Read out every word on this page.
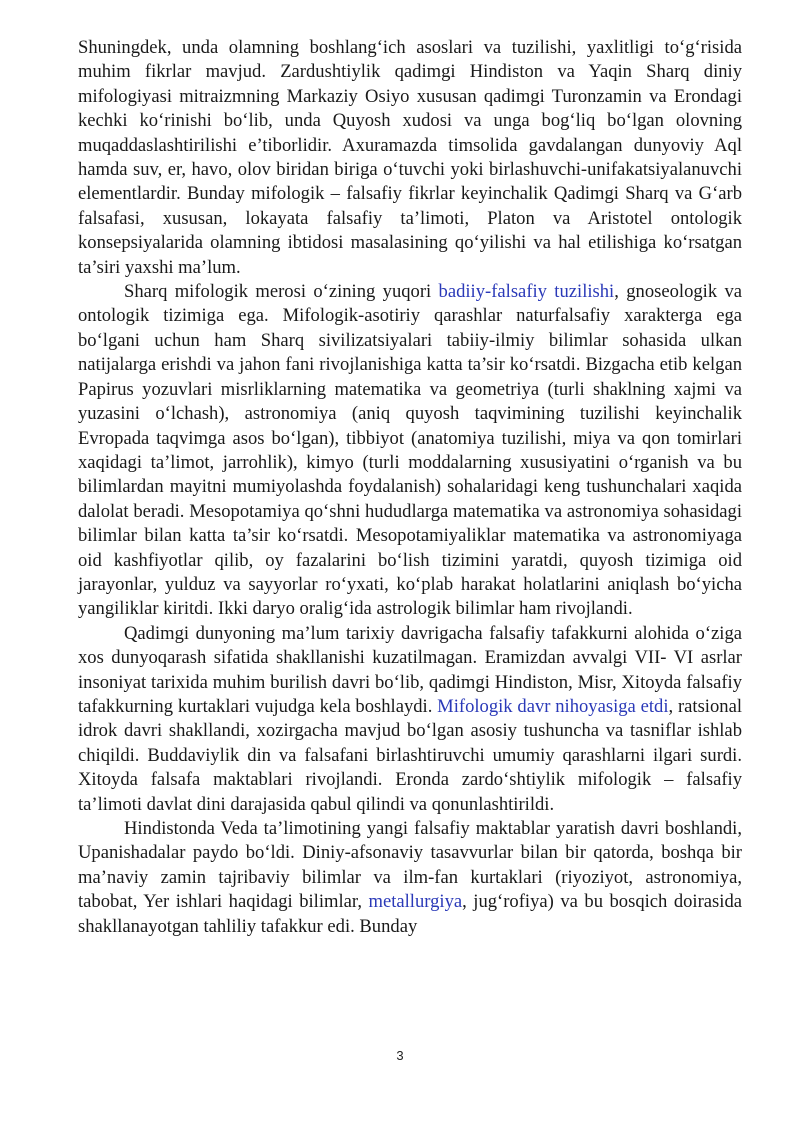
Shuningdek, unda olamning boshlang‘ich asoslari va tuzilishi, yaxlitligi to‘g‘risida muhim fikrlar mavjud. Zardushtiylik qadimgi Hindiston va Yaqin Sharq diniy mifologiyasi mitraizmning Markaziy Osiyo xususan qadimgi Turonzamin va Erondagi kechki ko‘rinishi bo‘lib, unda Quyosh xudosi va unga bog‘liq bo‘lgan olovning muqaddaslashtirilishi e’tiborlidir. Axuramazda timsolida gavdalangan dunyoviy Aql hamda suv, er, havo, olov biridan biriga o‘tuvchi yoki birlashuvchi-unifakatsiyalanuvchi elementlardir. Bunday mifologik – falsafiy fikrlar keyinchalik Qadimgi Sharq va G‘arb falsafasi, xususan, lokayata falsafiy ta’limoti, Platon va Aristotel ontologik konsepsiyalarida olamning ibtidosi masalasining qo‘yilishi va hal etilishiga ko‘rsatgan ta’siri yaxshi ma’lum.

Sharq mifologik merosi o‘zining yuqori badiiy-falsafiy tuzilishi, gnoseologik va ontologik tizimiga ega. Mifologik-asotiriy qarashlar naturfalsafiy xarakterga ega bo‘lgani uchun ham Sharq sivilizatsiyalari tabiiy-ilmiy bilimlar sohasida ulkan natijalarga erishdi va jahon fani rivojlanishiga katta ta’sir ko‘rsatdi. Bizgacha etib kelgan Papirus yozuvlari misrliklarning matematika va geometriya (turli shaklning xajmi va yuzasini o‘lchash), astronomiya (aniq quyosh taqvimining tuzilishi keyinchalik Evropada taqvimga asos bo‘lgan), tibbiyot (anatomiya tuzilishi, miya va qon tomirlari xaqidagi ta’limot, jarrohlik), kimyo (turli moddalarning xususiyatini o‘rganish va bu bilimlardan mayitni mumiyolashda foydalanish) sohalaridagi keng tushunchalari xaqida dalolat beradi. Mesopotamiya qo‘shni hududlarga matematika va astronomiya sohasidagi bilimlar bilan katta ta’sir ko‘rsatdi. Mesopotamiyaliklar matematika va astronomiyaga oid kashfiyotlar qilib, oy fazalarini bo‘lish tizimini yaratdi, quyosh tizimiga oid jarayonlar, yulduz va sayyorlar ro‘yxati, ko‘plab harakat holatlarini aniqlash bo‘yicha yangiliklar kiritdi. Ikki daryo oralig‘ida astrologik bilimlar ham rivojlandi.

Qadimgi dunyoning ma’lum tarixiy davrigacha falsafiy tafakkurni alohida o‘ziga xos dunyoqarash sifatida shakllanishi kuzatilmagan. Eramizdan avvalgi VII- VI asrlar insoniyat tarixida muhim burilish davri bo‘lib, qadimgi Hindiston, Misr, Xitoyda falsafiy tafakkurning kurtaklari vujudga kela boshlaydi. Mifologik davr nihoyasiga etdi, ratsional idrok davri shakllandi, xozirgacha mavjud bo‘lgan asosiy tushuncha va tasniflar ishlab chiqildi. Buddaviylik din va falsafani birlashtiruvchi umumiy qarashlarni ilgari surdi. Xitoyda falsafa maktablari rivojlandi. Eronda zardo‘shtiylik mifologik – falsafiy ta’limoti davlat dini darajasida qabul qilindi va qonunlashtirildi.

Hindistonda Veda ta’limotining yangi falsafiy maktablar yaratish davri boshlandi, Upanishadalar paydo bo‘ldi. Diniy-afsonaviy tasavvurlar bilan bir qatorda, boshqa bir ma’naviy zamin tajribaviy bilimlar va ilm-fan kurtaklari (riyoziyot, astronomiya, tabobat, Yer ishlari haqidagi bilimlar, metallurgiya, jug‘rofiya) va bu bosqich doirasida shakllanayotgan tahliliy tafakkur edi. Bunday

3
